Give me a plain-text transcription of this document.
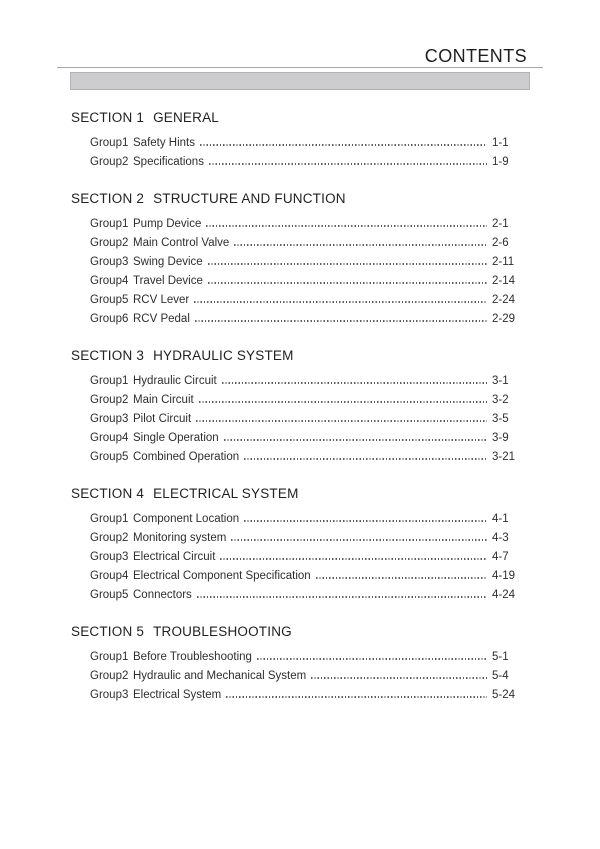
CONTENTS
SECTION 1 GENERAL
Group 1 Safety Hints	1-1
Group 2 Specifications	1-9
SECTION 2 STRUCTURE AND FUNCTION
Group 1 Pump Device	2-1
Group 2 Main Control Valve	2-6
Group 3 Swing Device	2-11
Group 4 Travel Device	2-14
Group 5 RCV Lever	2-24
Group 6 RCV Pedal	2-29
SECTION 3 HYDRAULIC SYSTEM
Group 1 Hydraulic Circuit	3-1
Group 2 Main Circuit	3-2
Group 3 Pilot Circuit	3-5
Group 4 Single Operation	3-9
Group 5 Combined Operation	3-21
SECTION 4 ELECTRICAL SYSTEM
Group 1 Component Location	4-1
Group 2 Monitoring system	4-3
Group 3 Electrical Circuit	4-7
Group 4 Electrical Component Specification	4-19
Group 5 Connectors	4-24
SECTION 5 TROUBLESHOOTING
Group 1 Before Troubleshooting	5-1
Group 2 Hydraulic and Mechanical System	5-4
Group 3 Electrical System	5-24
